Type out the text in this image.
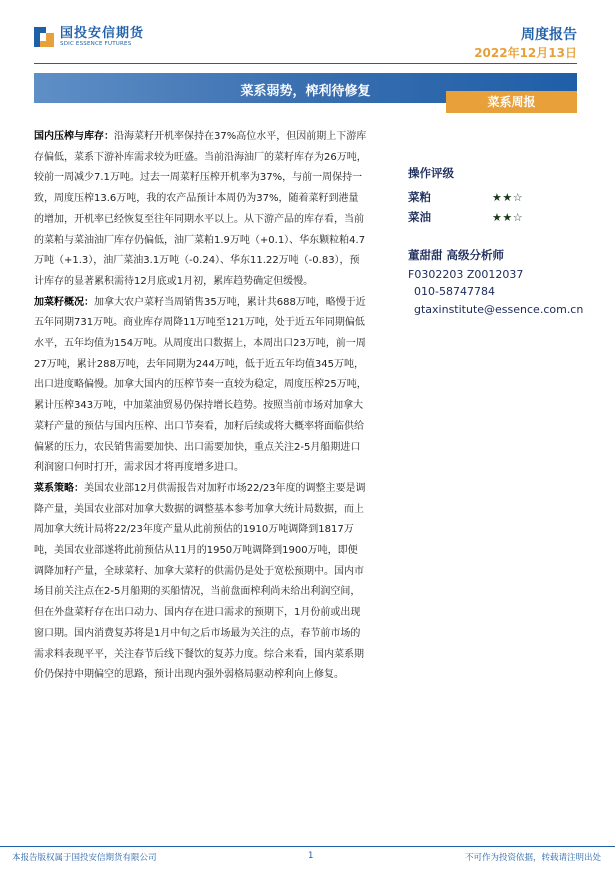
国投安信期货
SDIC ESSENCE FUTURES
周度报告
2022年12月13日
菜系弱势，榨利待修复
菜系周报

国内压榨与库存：沿海菜籽开机率保持在37%高位水平，但因前期上下游库存偏低，菜系下游补库需求较为旺盛。当前沿海油厂的菜籽库存为26万吨，较前一周减少7.1万吨。过去一周菜籽压榨开机率为37%，与前一周保持一致，周度压榨13.6万吨，我的农产品预计本周仍为37%，随着菜籽到港量的增加，开机率已经恢复至往年同期水平以上。从下游产品的库存看，当前的菜粕与菜油油厂库存仍偏低，油厂菜粕1.9万吨（+0.1）、华东颗粒粕4.7万吨（+1.3），油厂菜油3.1万吨（-0.24）、华东11.22万吨（-0.83），预计库存的显著累积需待12月底或1月初，累库趋势确定但缓慢。

加菜籽概况：加拿大农户菜籽当周销售35万吨，累计共688万吨，略慢于近五年同期731万吨。商业库存周降11万吨至121万吨，处于近五年同期偏低水平，五年均值为154万吨。从周度出口数据上，本周出口23万吨，前一周27万吨，累计288万吨，去年同期为244万吨，低于近五年均值345万吨，出口进度略偏慢。加拿大国内的压榨节奏一直较为稳定，周度压榨25万吨，累计压榨343万吨，中加菜油贸易仍保持增长趋势。按照当前市场对加拿大菜籽产量的预估与国内压榨、出口节奏看，加籽后续或将大概率将面临供给偏紧的压力，农民销售需要加快、出口需要加快，重点关注2-5月船期进口利润窗口何时打开，需求因才将再度增多进口。

菜系策略：美国农业部12月供需报告对加籽市场22/23年度的调整主要是调降产量，美国农业部对加拿大数据的调整基本参考加拿大统计局数据，而上周加拿大统计局将22/23年度产量从此前预估的1910万吨调降到1817万吨，美国农业部遂将此前预估从11月的1950万吨调降到1900万吨，即便调降加籽产量，全球菜籽、加拿大菜籽的供需仍是处于宽松预期中。国内市场目前关注点在2-5月船期的买船情况，当前盘面榨利尚未给出利润空间，但在外盘菜籽存在出口动力、国内存在进口需求的预期下，1月份前或出现窗口期。国内消费复苏将是1月中旬之后市场最为关注的点，春节前市场的需求料表现平平，关注春节后线下餐饮的复苏力度。综合来看，国内菜系期价仍保持中期偏空的思路，预计出现内强外弱格局驱动榨利向上修复。

操作评级
菜粕	★★☆
菜油	★★☆
董甜甜 高级分析师
F0302203 Z0012037
010-58747784
gtaxinstitute@essence.com.cn
本报告版权属于国投安信期货有限公司	1	不可作为投资依据，转载请注明出处
